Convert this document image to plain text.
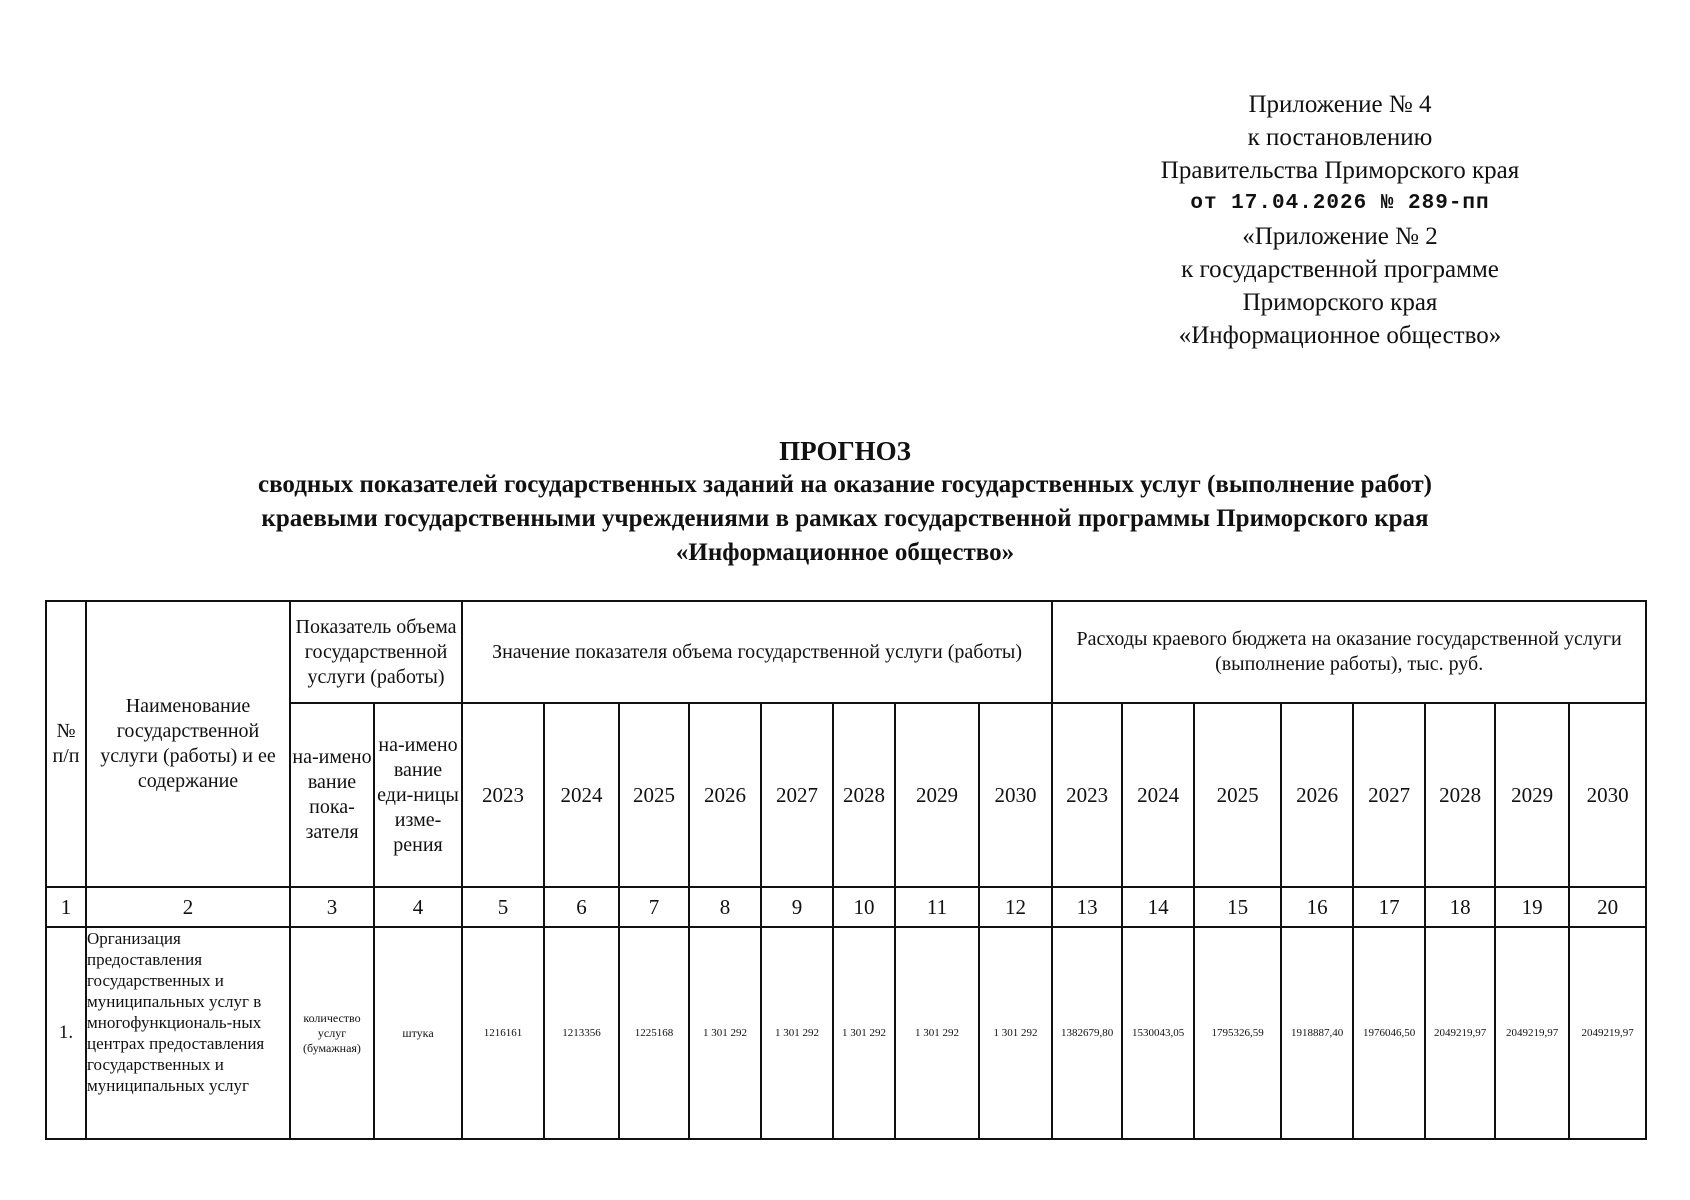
Приложение № 4
к постановлению
Правительства Приморского края
от 17.04.2026 № 289-пп
«Приложение № 2
к государственной программе
Приморского края
«Информационное общество»
ПРОГНОЗ
сводных показателей государственных заданий на оказание государственных услуг (выполнение работ)
краевыми государственными учреждениями в рамках государственной программы Приморского края
«Информационное общество»
№ п/п	Наименование государственной услуги (работы) и ее содержание	Показатель объема государственной услуги (работы)		Значение показателя объема государственной услуги (работы)								Расходы краевого бюджета на оказание государственной услуги (выполнение работы), тыс. руб.							
		на-имено вание пока-зателя	на-имено вание еди-ницы изме-рения	2023	2024	2025	2026	2027	2028	2029	2030	2023	2024	2025	2026	2027	2028	2029	2030
1	2	3	4	5	6	7	8	9	10	11	12	13	14	15	16	17	18	19	20
1.	Организация предоставления государственных и муниципальных услуг в многофункциональ-ных центрах предоставления государственных и муниципальных услуг	количество услуг (бумажная)	штука	1216161	1213356	1225168	1 301 292	1 301 292	1 301 292	1 301 292	1 301 292	1382679,80	1530043,05	1795326,59	1918887,40	1976046,50	2049219,97	2049219,97	2049219,97
